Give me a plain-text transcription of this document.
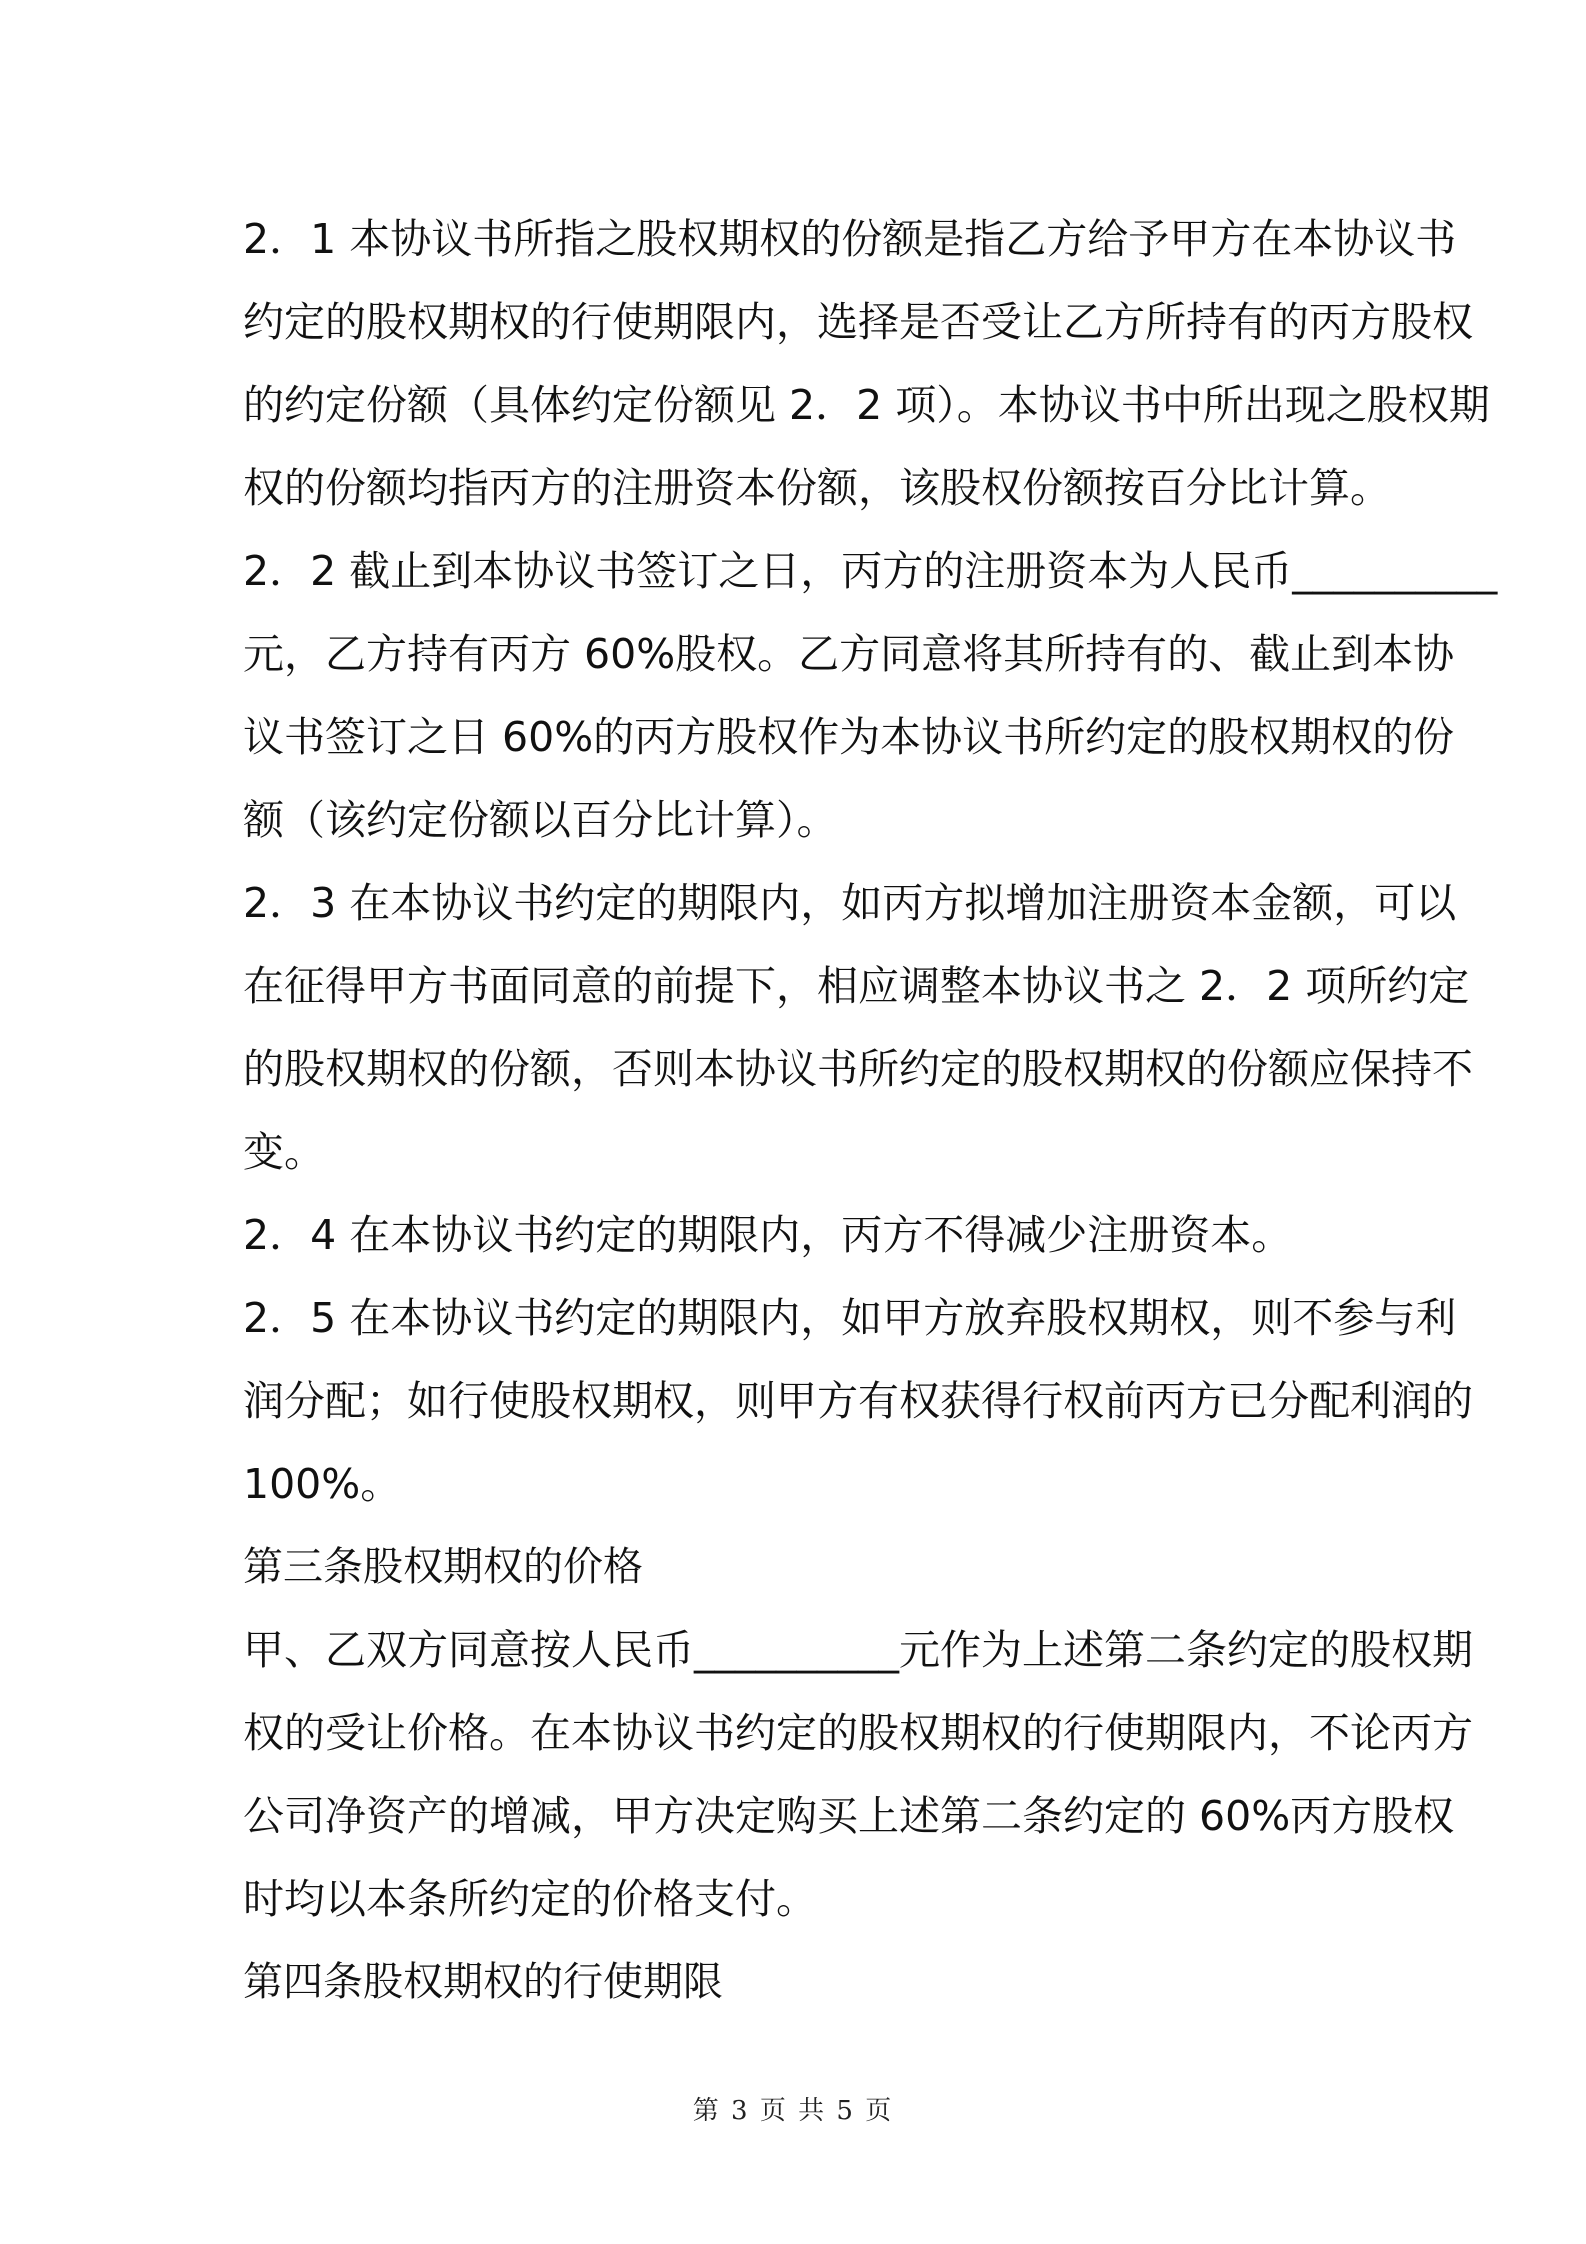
2．1 本协议书所指之股权期权的份额是指乙方给予甲方在本协议书
约定的股权期权的行使期限内，选择是否受让乙方所持有的丙方股权
的约定份额（具体约定份额见 2．2 项）。本协议书中所出现之股权期
权的份额均指丙方的注册资本份额，该股权份额按百分比计算。
2．2 截止到本协议书签订之日，丙方的注册资本为人民币__________
元，乙方持有丙方 60%股权。乙方同意将其所持有的、截止到本协
议书签订之日 60%的丙方股权作为本协议书所约定的股权期权的份
额（该约定份额以百分比计算）。
2．3 在本协议书约定的期限内，如丙方拟增加注册资本金额，可以
在征得甲方书面同意的前提下，相应调整本协议书之 2．2 项所约定
的股权期权的份额，否则本协议书所约定的股权期权的份额应保持不
变。
2．4 在本协议书约定的期限内，丙方不得减少注册资本。
2．5 在本协议书约定的期限内，如甲方放弃股权期权，则不参与利
润分配；如行使股权期权，则甲方有权获得行权前丙方已分配利润的
100%。
第三条股权期权的价格
甲、乙双方同意按人民币__________元作为上述第二条约定的股权期
权的受让价格。在本协议书约定的股权期权的行使期限内，不论丙方
公司净资产的增减，甲方决定购买上述第二条约定的 60%丙方股权
时均以本条所约定的价格支付。
第四条股权期权的行使期限
第 3 页 共 5 页
